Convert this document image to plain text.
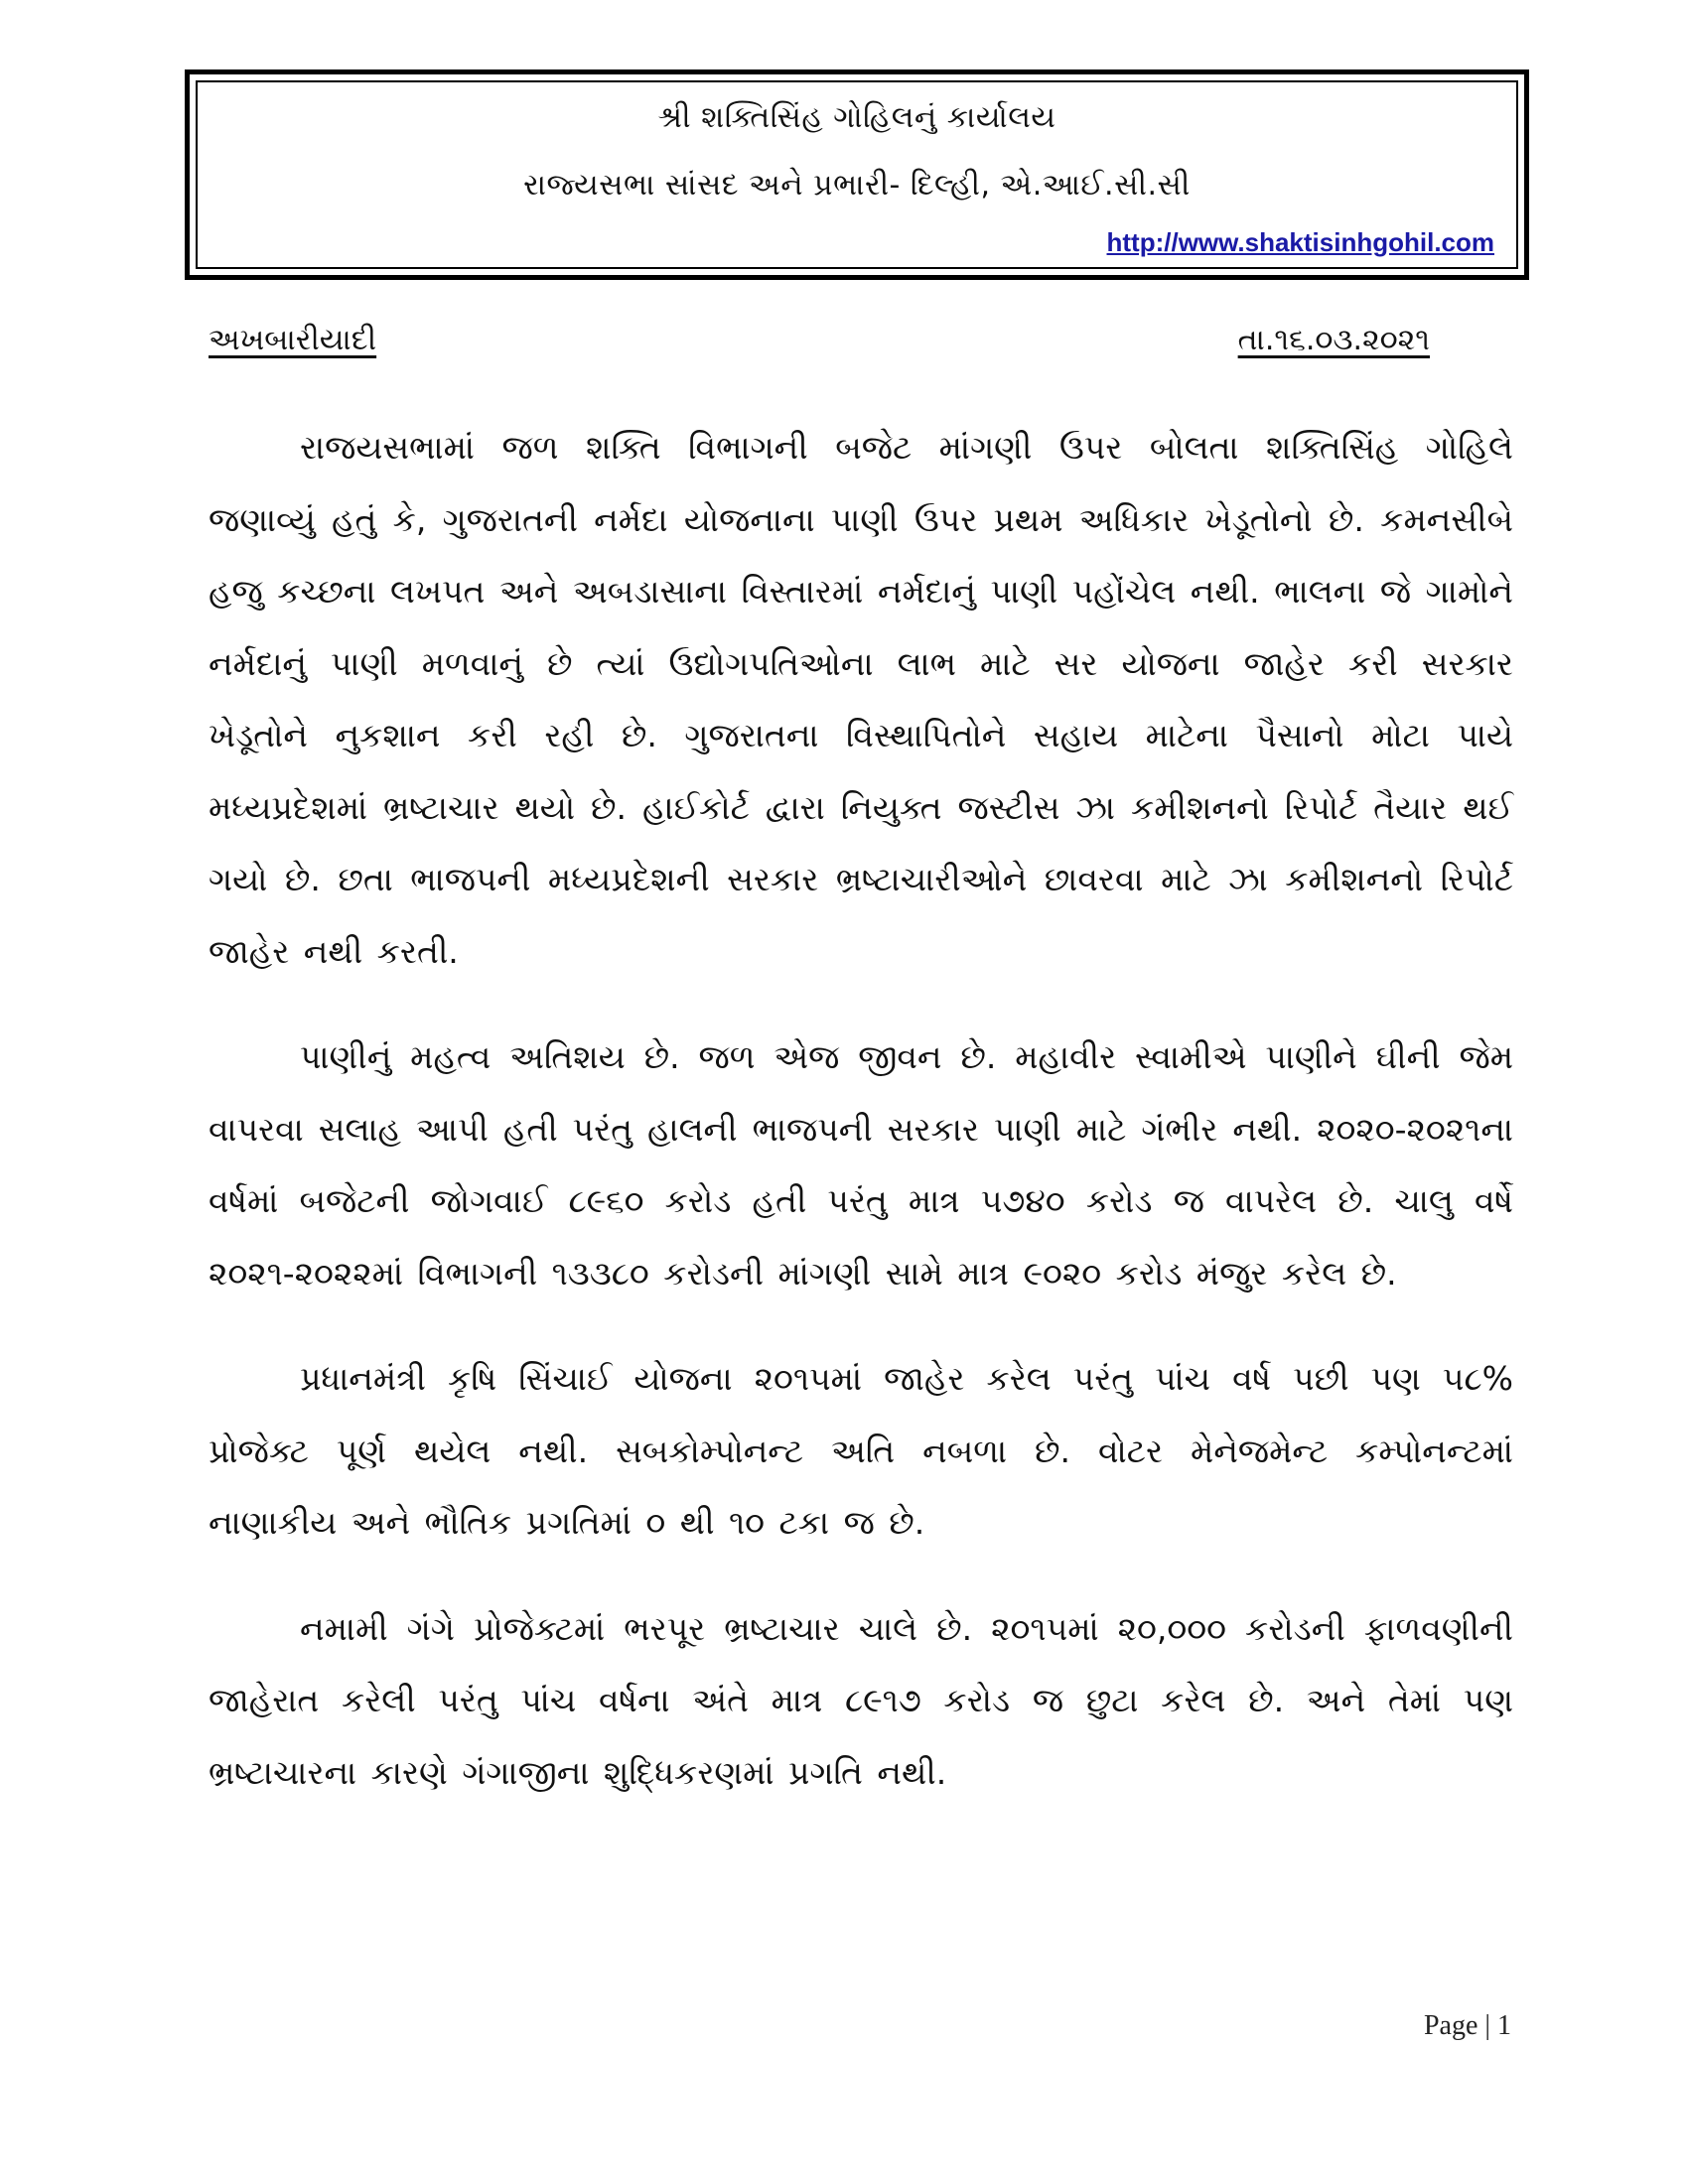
શ્રી શક્તિસિંહ ગોહિલનું કાર્યાલય
રાજ્યસભા સાંસદ અને પ્રભારી- દિલ્હી, એ.આઈ.સી.સી
http://www.shaktisinhgohil.com
અખબારીયાદી	તા.૧૬.૦૩.૨૦૨૧

રાજયસભામાં જળ શક્તિ વિભાગની બજેટ માંગણી ઉપર બોલતા શક્તિસિંહ ગોહિલે જણાવ્યું હતું કે, ગુજરાતની નર્મદા યોજનાના પાણી ઉપર પ્રથમ અધિકાર ખેડૂતોનો છે. કમનસીબે હજુ કચ્છના લખપત અને અબડાસાના વિસ્તારમાં નર્મદાનું પાણી પહોંચેલ નથી. ભાલના જે ગામોને નર્મદાનું પાણી મળવાનું છે ત્યાં ઉદ્યોગપતિઓના લાભ માટે સર યોજના જાહેર કરી સરકાર ખેડૂતોને નુકશાન કરી રહી છે. ગુજરાતના વિસ્થાપિતોને સહાય માટેના પૈસાનો મોટા પાયે મધ્યપ્રદેશમાં ભ્રષ્ટાચાર થયો છે. હાઈકોર્ટ દ્વારા નિયુક્ત જસ્ટીસ ઝા કમીશનનો રિપોર્ટ તૈયાર થઈ ગયો છે. છતા ભાજપની મધ્યપ્રદેશની સરકાર ભ્રષ્ટાચારીઓને છાવરવા માટે ઝા કમીશનનો રિપોર્ટ જાહેર નથી કરતી.

પાણીનું મહત્વ અતિશય છે. જળ એજ જીવન છે. મહાવીર સ્વામીએ પાણીને ઘીની જેમ વાપરવા સલાહ આપી હતી પરંતુ હાલની ભાજપની સરકાર પાણી માટે ગંભીર નથી. ૨૦૨૦-૨૦૨૧ના વર્ષમાં બજેટની જોગવાઈ ૮૯૬૦ કરોડ હતી પરંતુ માત્ર ૫૭૪૦ કરોડ જ વાપરેલ છે. ચાલુ વર્ષે ૨૦૨૧-૨૦૨૨માં વિભાગની ૧૩૩૮૦ કરોડની માંગણી સામે માત્ર ૯૦૨૦ કરોડ મંજુર કરેલ છે.

પ્રધાનમંત્રી કૃષિ સિંચાઈ યોજના ૨૦૧૫માં જાહેર કરેલ પરંતુ પાંચ વર્ષ પછી પણ ૫૮% પ્રોજેક્ટ પૂર્ણ થયેલ નથી. સબકોમ્પોનન્ટ અતિ નબળા છે. વોટર મેનેજમેન્ટ કમ્પોનન્ટમાં નાણાકીય અને ભૌતિક પ્રગતિમાં ૦ થી ૧૦ ટકા જ છે.

નમામી ગંગે પ્રોજેક્ટમાં ભરપૂર ભ્રષ્ટાચાર ચાલે છે. ૨૦૧૫માં ૨૦,૦૦૦ કરોડની ફાળવણીની જાહેરાત કરેલી પરંતુ પાંચ વર્ષના અંતે માત્ર ૮૯૧૭ કરોડ જ છુટા કરેલ છે. અને તેમાં પણ ભ્રષ્ટાચારના કારણે ગંગાજીના શુદ્ધિકરણમાં પ્રગતિ નથી.

Page | 1
